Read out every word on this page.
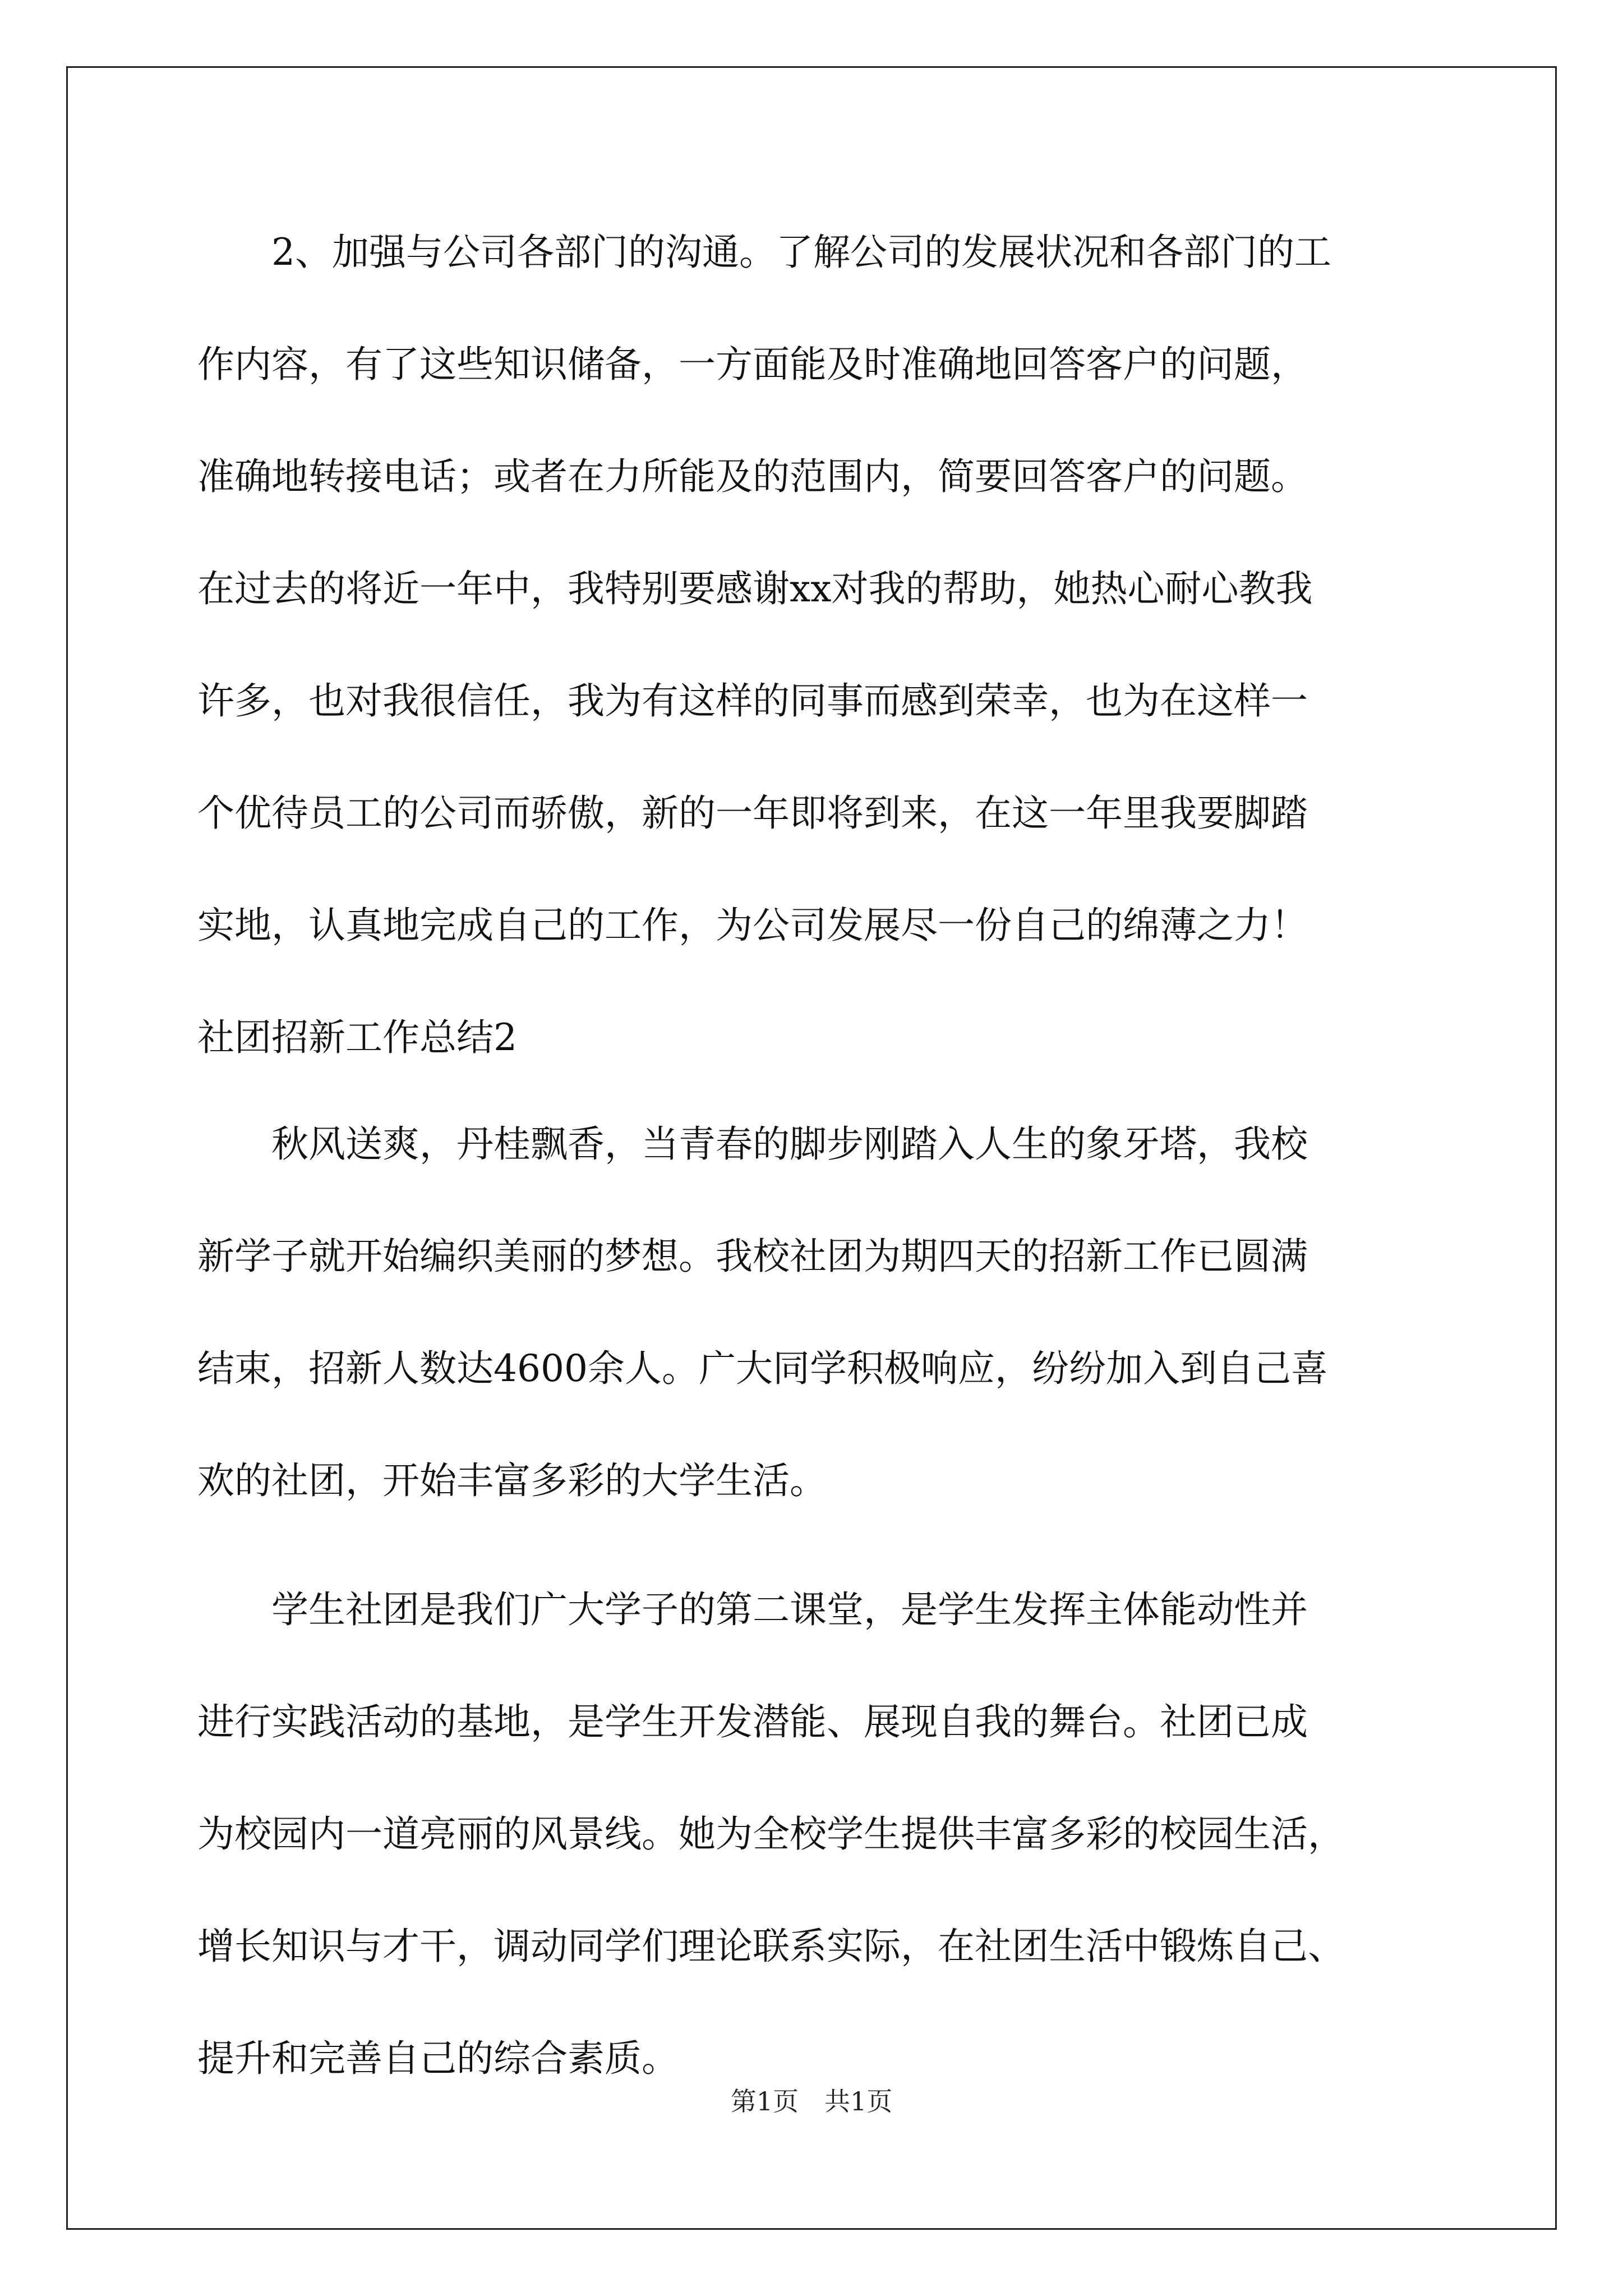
2、加强与公司各部门的沟通。了解公司的发展状况和各部门的工
作内容，有了这些知识储备，一方面能及时准确地回答客户的问题，
准确地转接电话；或者在力所能及的范围内，简要回答客户的问题。
在过去的将近一年中，我特别要感谢xx对我的帮助，她热心耐心教我
许多，也对我很信任，我为有这样的同事而感到荣幸，也为在这样一
个优待员工的公司而骄傲，新的一年即将到来，在这一年里我要脚踏
实地，认真地完成自己的工作，为公司发展尽一份自己的绵薄之力！
社团招新工作总结2
秋风送爽，丹桂飘香，当青春的脚步刚踏入人生的象牙塔，我校
新学子就开始编织美丽的梦想。我校社团为期四天的招新工作已圆满
结束，招新人数达4600余人。广大同学积极响应，纷纷加入到自己喜
欢的社团，开始丰富多彩的大学生活。
学生社团是我们广大学子的第二课堂，是学生发挥主体能动性并
进行实践活动的基地，是学生开发潜能、展现自我的舞台。社团已成
为校园内一道亮丽的风景线。她为全校学生提供丰富多彩的校园生活，
增长知识与才干，调动同学们理论联系实际，在社团生活中锻炼自己、
提升和完善自己的综合素质。
第1页　共1页
